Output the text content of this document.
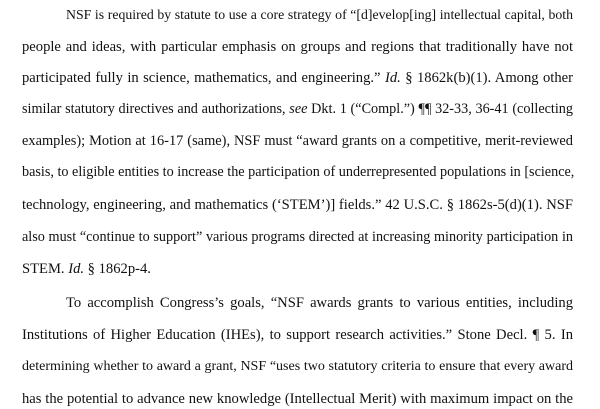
NSF is required by statute to use a core strategy of “[d]evelop[ing] intellectual capital, both
people and ideas, with particular emphasis on groups and regions that traditionally have not
participated fully in science, mathematics, and engineering.” Id. § 1862k(b)(1). Among other
similar statutory directives and authorizations, see Dkt. 1 (“Compl.”) ¶¶ 32-33, 36-41 (collecting
examples); Motion at 16-17 (same), NSF must “award grants on a competitive, merit-reviewed
basis, to eligible entities to increase the participation of underrepresented populations in [science,
technology, engineering, and mathematics (‘STEM’)] fields.” 42 U.S.C. § 1862s-5(d)(1). NSF
also must “continue to support” various programs directed at increasing minority participation in
STEM. Id. § 1862p-4.
To accomplish Congress’s goals, “NSF awards grants to various entities, including
Institutions of Higher Education (IHEs), to support research activities.” Stone Decl. ¶ 5. In
determining whether to award a grant, NSF “uses two statutory criteria to ensure that every award
has the potential to advance new knowledge (Intellectual Merit) with maximum impact on the
